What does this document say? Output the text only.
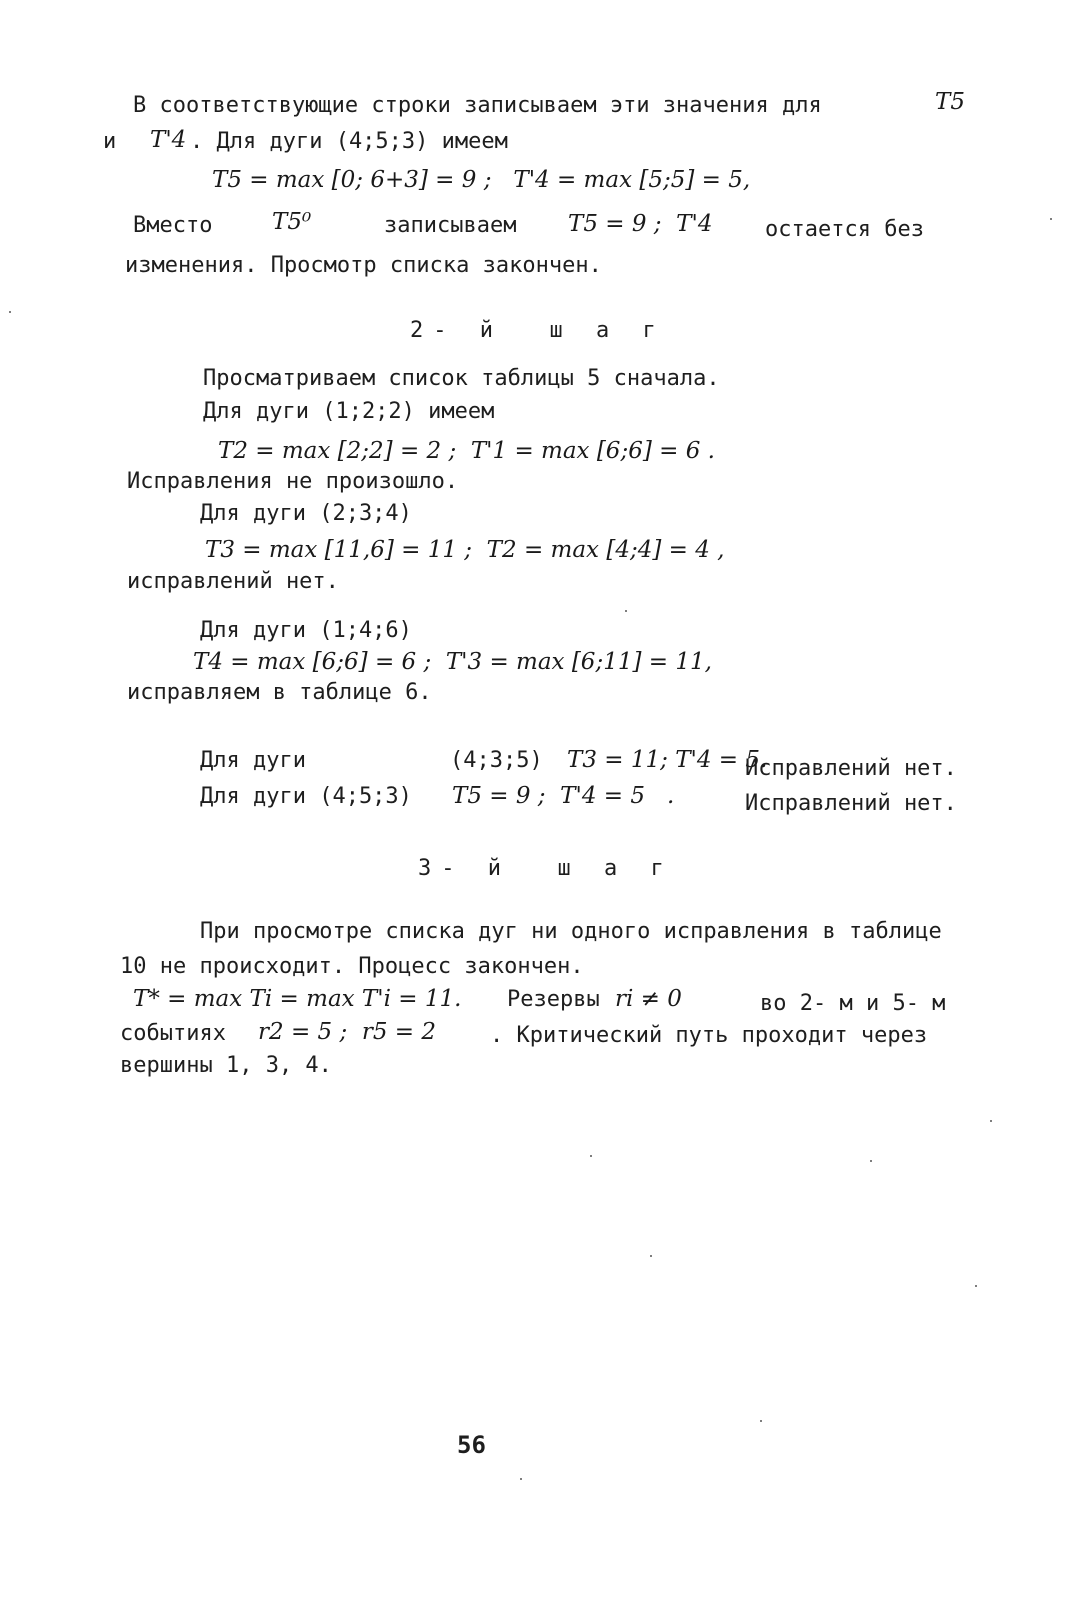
В соответствующие строки записываем эти значения для	Т5
и Т'4 . Для дуги (4;5;3) имеем
Т5 = max [0; 6+3] = 9 ;   Т'4 = max [5;5] = 5,
Вместо	Т5⁰	записываем Т5 = 9 ;  Т'4 остается без
изменения. Просмотр списка закончен.
2- й  ш а г
Просматриваем список таблицы 5 сначала.
Для дуги (1;2;2) имеем
Т2 = max [2;2] = 2 ;  Т'1 = max [6;6] = 6 .
Исправления не произошло.
Для дуги (2;3;4)
Т3 = max [11,6] = 11 ;  Т2 = max [4;4] = 4 ,
исправлений нет.
Для дуги (1;4;6)
Т4 = max [6;6] = 6 ;  Т'3 = max [6;11] = 11,
исправляем в таблице 6.
Для дуги	(4;3;5) Т3 = 11; Т'4 = 5.
Исправлений нет.
Для дуги (4;5;3) Т5 = 9 ;  Т'4 = 5   .	Исправлений нет.
3- й  ш а г
При просмотре списка дуг ни одного исправления в таблице
10 не происходит. Процесс закончен.
Т* = max Ti = max T'i = 11. Резервы ri ≠ 0	во 2- м и 5- м
событиях r2 = 5 ;  r5 = 2 . Критический путь проходит через
вершины 1, 3, 4.
56
